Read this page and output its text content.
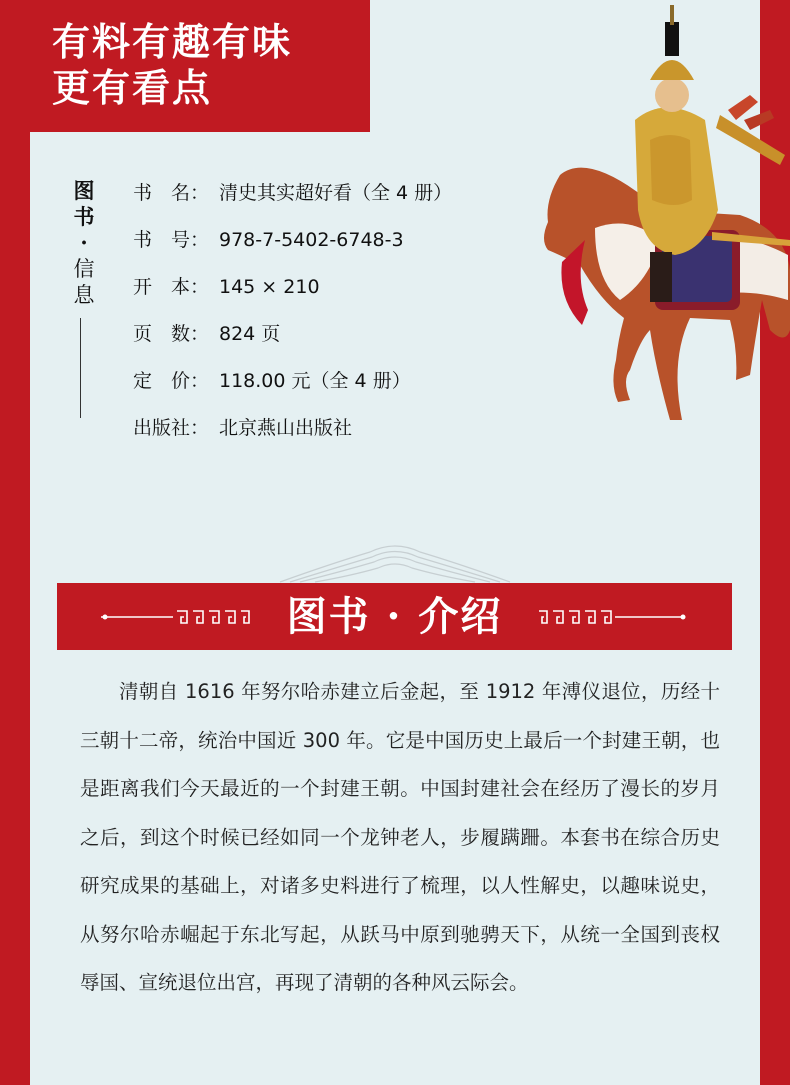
有料有趣有味
更有看点
图
书
·
信
息
书　名： 清史其实超好看（全 4 册）
书　号： 978-7-5402-6748-3
开　本： 145 × 210
页　数： 824 页
定　价： 118.00 元（全 4 册）
出版社： 北京燕山出版社
图书 · 介绍

清朝自 1616 年努尔哈赤建立后金起，至 1912 年溥仪退位，历经十三朝十二帝，统治中国近 300 年。它是中国历史上最后一个封建王朝，也是距离我们今天最近的一个封建王朝。中国封建社会在经历了漫长的岁月之后，到这个时候已经如同一个龙钟老人，步履蹒跚。本套书在综合历史研究成果的基础上，对诸多史料进行了梳理，以人性解史，以趣味说史，从努尔哈赤崛起于东北写起，从跃马中原到驰骋天下，从统一全国到丧权辱国、宣统退位出宫，再现了清朝的各种风云际会。
